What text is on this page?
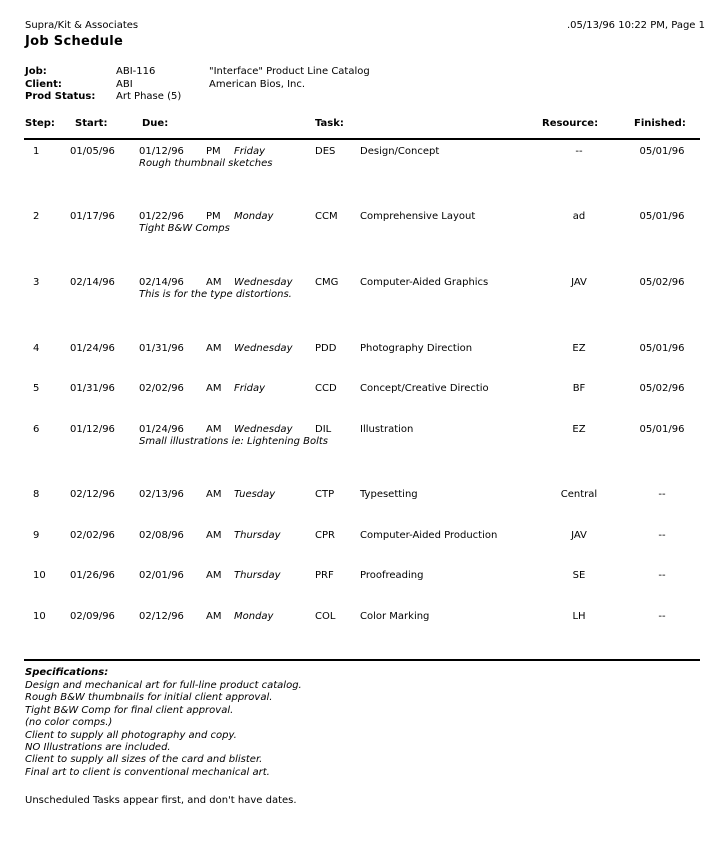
Supra/Kit & Associates	.05/13/96 10:22 PM, Page 1
Job Schedule
Job:	ABI-116	"Interface" Product Line Catalog
Client:	ABI	American Bios, Inc.
Prod Status: Art Phase (5)
Step: Start:	Due:	Task:	Resource:	Finished:
1	01/05/96 01/12/96 PM Friday	DES Design/Concept	--	05/01/96
Rough thumbnail sketches
2	01/17/96 01/22/96 PM Monday	CCM Comprehensive Layout	ad	05/01/96
Tight B&W Comps
3	02/14/96 02/14/96 AM Wednesday CMG Computer-Aided Graphics	JAV	05/02/96
This is for the type distortions.
4	01/24/96 01/31/96 AM Wednesday PDD Photography Direction	EZ	05/01/96
5	01/31/96 02/02/96 AM Friday	CCD Concept/Creative Directio	BF	05/02/96
6	01/12/96 01/24/96 AM Wednesday DIL	Illustration	EZ	05/01/96
Small illustrations ie: Lightening Bolts
8	02/12/96 02/13/96 AM Tuesday	CTP	Typesetting	Central	--
9	02/02/96 02/08/96 AM Thursday	CPR	Computer-Aided Production	JAV	--
10 01/26/96 02/01/96 AM Thursday	PRF	Proofreading	SE	--
10 02/09/96 02/12/96 AM Monday	COL Color Marking	LH	--
Specifications:
Design and mechanical art for full-line product catalog.
Rough B&W thumbnails for initial client approval.
Tight B&W Comp for final client approval.
(no color comps.)
Client to supply all photography and copy.
NO Illustrations are included.
Client to supply all sizes of the card and blister.
Final art to client is conventional mechanical art.
Unscheduled Tasks appear first, and don't have dates.
